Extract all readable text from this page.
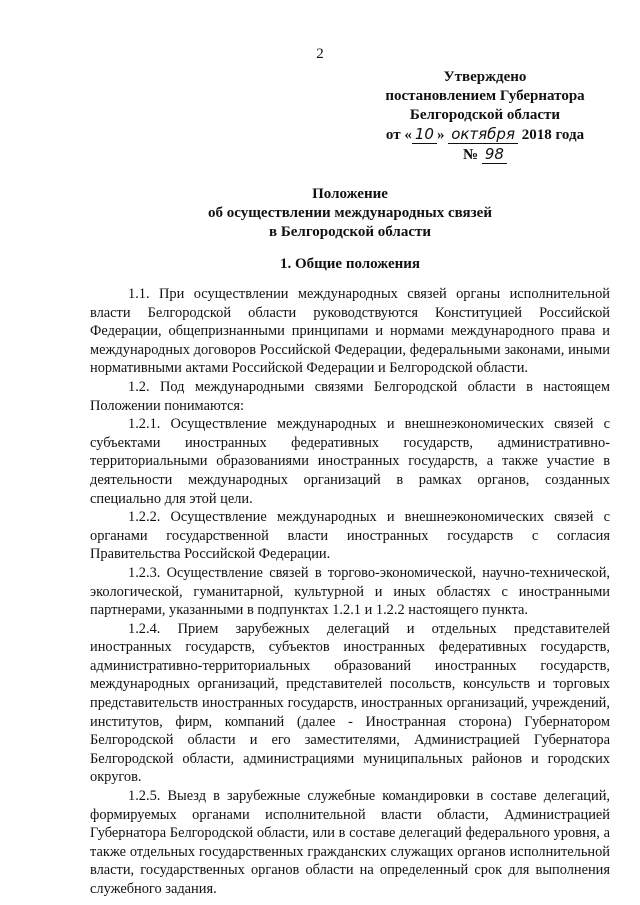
2
Утверждено
постановлением Губернатора
Белгородской области
от « 10 » октября 2018 года
№ 98
Положение
об осуществлении международных связей
в Белгородской области
1. Общие положения

1.1. При осуществлении международных связей органы исполнительной власти Белгородской области руководствуются Конституцией Российской Федерации, общепризнанными принципами и нормами международного права и международных договоров Российской Федерации, федеральными законами, иными нормативными актами Российской Федерации и Белгородской области.

1.2. Под международными связями Белгородской области в настоящем Положении понимаются:

1.2.1. Осуществление международных и внешнеэкономических связей с субъектами иностранных федеративных государств, административно-территориальными образованиями иностранных государств, а также участие в деятельности международных организаций в рамках органов, созданных специально для этой цели.

1.2.2. Осуществление международных и внешнеэкономических связей с органами государственной власти иностранных государств с согласия Правительства Российской Федерации.

1.2.3. Осуществление связей в торгово-экономической, научно-технической, экологической, гуманитарной, культурной и иных областях с иностранными партнерами, указанными в подпунктах 1.2.1 и 1.2.2 настоящего пункта.

1.2.4. Прием зарубежных делегаций и отдельных представителей иностранных государств, субъектов иностранных федеративных государств, административно-территориальных образований иностранных государств, международных организаций, представителей посольств, консульств и торговых представительств иностранных государств, иностранных организаций, учреждений, институтов, фирм, компаний (далее - Иностранная сторона) Губернатором Белгородской области и его заместителями, Администрацией Губернатора Белгородской области, администрациями муниципальных районов и городских округов.

1.2.5. Выезд в зарубежные служебные командировки в составе делегаций, формируемых органами исполнительной власти области, Администрацией Губернатора Белгородской области, или в составе делегаций федерального уровня, а также отдельных государственных гражданских служащих органов исполнительной власти, государственных органов области на определенный срок для выполнения служебного задания.
